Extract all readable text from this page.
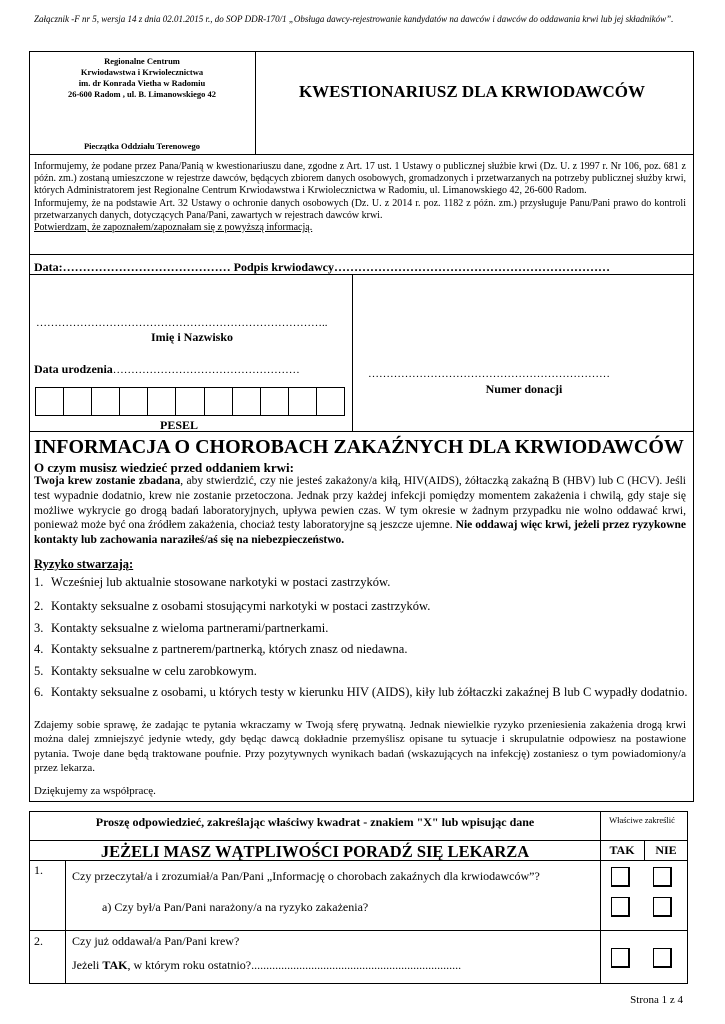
Załącznik -F nr 5, wersja 14 z dnia 02.01.2015 r., do SOP DDR-170/1 „Obsługa dawcy-rejestrowanie kandydatów na dawców i dawców do oddawania krwi lub jej składników”.
Regionalne Centrum
Krwiodawstwa i Krwiolecznictwa
im. dr Konrada Vietha w Radomiu
26-600 Radom , ul. B. Limanowskiego 42
Pieczątka Oddziału Terenowego
KWESTIONARIUSZ DLA KRWIODAWCÓW

Informujemy, że podane przez Pana/Panią w kwestionariuszu dane, zgodne z Art. 17 ust. 1 Ustawy o publicznej służbie krwi (Dz. U. z 1997 r. Nr 106, poz. 681 z późn. zm.) zostaną umieszczone w rejestrze dawców, będących zbiorem danych osobowych, gromadzonych i przetwarzanych na potrzeby publicznej służby krwi, których Administratorem jest Regionalne Centrum Krwiodawstwa i Krwiolecznictwa w Radomiu, ul. Limanowskiego 42, 26-600 Radom.

Informujemy, że na podstawie Art. 32 Ustawy o ochronie danych osobowych (Dz. U. z 2014 r. poz. 1182 z późn. zm.) przysługuje Panu/Pani prawo do kontroli przetwarzanych danych, dotyczących Pana/Pani, zawartych w rejestrach dawców krwi.

Potwierdzam, że zapoznałem/zapoznałam się z powyższą informacją.

Data:…………………………………… Podpis krwiodawcy……………………………………………………………
……………………………………………………………………..
Imię i Nazwisko
Data urodzenia……………………………………………
PESEL
…………………………………………………………
Numer donacji
INFORMACJA O CHOROBACH ZAKAŹNYCH DLA KRWIODAWCÓW
O czym musisz wiedzieć przed oddaniem krwi:
Twoja krew zostanie zbadana, aby stwierdzić, czy nie jesteś zakażony/a kiłą, HIV(AIDS), żółtaczką zakaźną B (HBV) lub C (HCV). Jeśli test wypadnie dodatnio, krew nie zostanie przetoczona. Jednak przy każdej infekcji pomiędzy momentem zakażenia i chwilą, gdy staje się możliwe wykrycie go drogą badań laboratoryjnych, upływa pewien czas. W tym okresie w żadnym przypadku nie wolno oddawać krwi, ponieważ może być ona źródłem zakażenia, chociaż testy laboratoryjne są jeszcze ujemne. Nie oddawaj więc krwi, jeżeli przez ryzykowne kontakty lub zachowania naraziłeś/aś się na niebezpieczeństwo.
Ryzyko stwarzają:
1. Wcześniej lub aktualnie stosowane narkotyki w postaci zastrzyków.
2. Kontakty seksualne z osobami stosującymi narkotyki w postaci zastrzyków.
3. Kontakty seksualne z wieloma partnerami/partnerkami.
4. Kontakty seksualne z partnerem/partnerką, których znasz od niedawna.
5. Kontakty seksualne w celu zarobkowym.
6. Kontakty seksualne z osobami, u których testy w kierunku HIV (AIDS), kiły lub żółtaczki zakaźnej B lub C wypadły dodatnio.
Zdajemy sobie sprawę, że zadając te pytania wkraczamy w Twoją sferę prywatną. Jednak niewielkie ryzyko przeniesienia zakażenia drogą krwi można dalej zmniejszyć jedynie wtedy, gdy będąc dawcą dokładnie przemyślisz opisane tu sytuacje i skrupulatnie odpowiesz na postawione pytania. Twoje dane będą traktowane poufnie. Przy pozytywnych wynikach badań (wskazujących na infekcję) zostaniesz o tym powiadomiony/a przez lekarza.
Dziękujemy za współpracę.
Proszę odpowiedzieć, zakreślając właściwy kwadrat - znakiem "X" lub wpisując dane	Właściwe zakreślić
JEŻELI MASZ WĄTPLIWOŚCI PORADŹ SIĘ LEKARZA	TAK	NIE
1. Czy przeczytał/a i zrozumiał/a Pan/Pani „Informację o chorobach zakaźnych dla krwiodawców”?
a) Czy był/a Pan/Pani narażony/a na ryzyko zakażenia?
2. Czy już oddawał/a Pan/Pani krew?
Jeżeli TAK, w którym roku ostatnio?......................................................................
Strona 1 z 4
